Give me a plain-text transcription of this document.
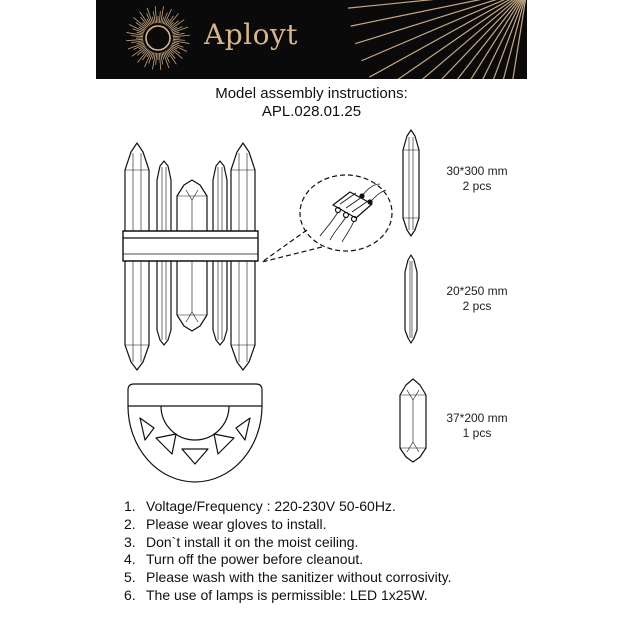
Aployt
Model assembly instructions:
APL.028.01.25
30*300 mm
2 pcs
20*250 mm
2 pcs
37*200 mm
1 pcs
1. Voltage/Frequency : 220-230V 50-60Hz.
2. Please wear gloves to install.
3. Don`t install it on the moist ceiling.
4. Turn off the power before cleanout.
5. Please wash with the sanitizer without corrosivity.
6. The use of lamps is permissible: LED 1x25W.
